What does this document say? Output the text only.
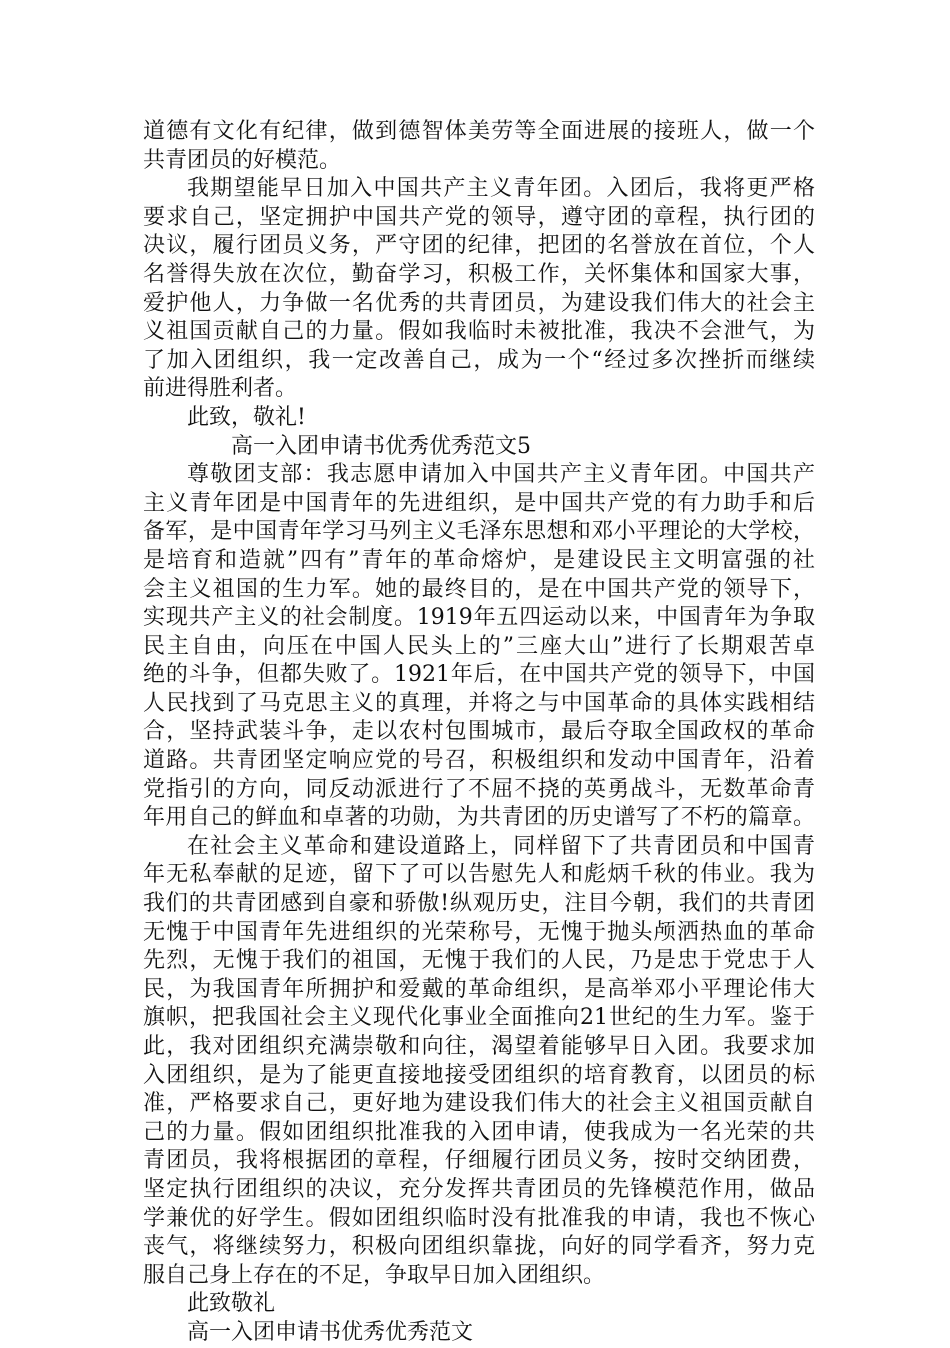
道德有文化有纪律，做到德智体美劳等全面进展的接班人，做一个
共青团员的好模范。
我期望能早日加入中国共产主义青年团。入团后，我将更严格
要求自己，坚定拥护中国共产党的领导，遵守团的章程，执行团的
决议，履行团员义务，严守团的纪律，把团的名誉放在首位，个人
名誉得失放在次位，勤奋学习，积极工作，关怀集体和国家大事，
爱护他人，力争做一名优秀的共青团员，为建设我们伟大的社会主
义祖国贡献自己的力量。假如我临时未被批准，我决不会泄气，为
了加入团组织，我一定改善自己，成为一个“经过多次挫折而继续
前进得胜利者。
此致，敬礼!
高一入团申请书优秀优秀范文5
尊敬团支部：我志愿申请加入中国共产主义青年团。中国共产
主义青年团是中国青年的先进组织，是中国共产党的有力助手和后
备军，是中国青年学习马列主义毛泽东思想和邓小平理论的大学校，
是培育和造就”四有”青年的革命熔炉，是建设民主文明富强的社
会主义祖国的生力军。她的最终目的，是在中国共产党的领导下，
实现共产主义的社会制度。1919年五四运动以来，中国青年为争取
民主自由，向压在中国人民头上的”三座大山”进行了长期艰苦卓
绝的斗争，但都失败了。1921年后，在中国共产党的领导下，中国
人民找到了马克思主义的真理，并将之与中国革命的具体实践相结
合，坚持武装斗争，走以农村包围城市，最后夺取全国政权的革命
道路。共青团坚定响应党的号召，积极组织和发动中国青年，沿着
党指引的方向，同反动派进行了不屈不挠的英勇战斗，无数革命青
年用自己的鲜血和卓著的功勋，为共青团的历史谱写了不朽的篇章。
在社会主义革命和建设道路上，同样留下了共青团员和中国青
年无私奉献的足迹，留下了可以告慰先人和彪炳千秋的伟业。我为
我们的共青团感到自豪和骄傲!纵观历史，注目今朝，我们的共青团
无愧于中国青年先进组织的光荣称号，无愧于抛头颅洒热血的革命
先烈，无愧于我们的祖国，无愧于我们的人民，乃是忠于党忠于人
民，为我国青年所拥护和爱戴的革命组织，是高举邓小平理论伟大
旗帜，把我国社会主义现代化事业全面推向21世纪的生力军。鉴于
此，我对团组织充满崇敬和向往，渴望着能够早日入团。我要求加
入团组织，是为了能更直接地接受团组织的培育教育，以团员的标
准，严格要求自己，更好地为建设我们伟大的社会主义祖国贡献自
己的力量。假如团组织批准我的入团申请，使我成为一名光荣的共
青团员，我将根据团的章程，仔细履行团员义务，按时交纳团费，
坚定执行团组织的决议，充分发挥共青团员的先锋模范作用，做品
学兼优的好学生。假如团组织临时没有批准我的申请，我也不恢心
丧气，将继续努力，积极向团组织靠拢，向好的同学看齐，努力克
服自己身上存在的不足，争取早日加入团组织。
此致敬礼
高一入团申请书优秀优秀范文
